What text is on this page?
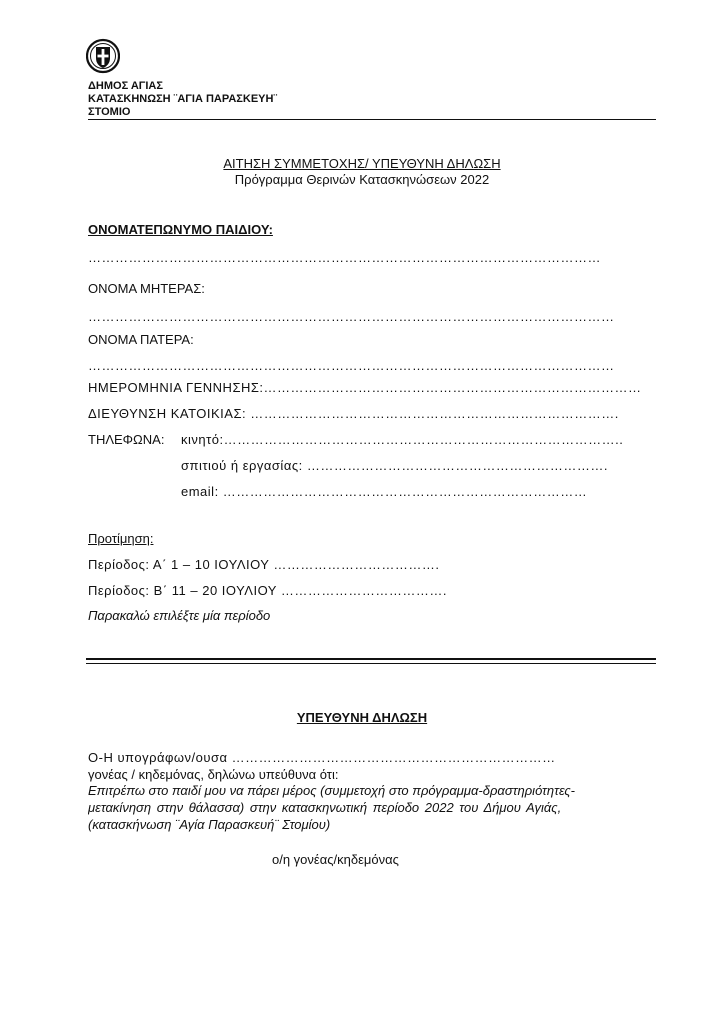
ΔΗΜΟΣ ΑΓΙΑΣ
ΚΑΤΑΣΚΗΝΩΣΗ ¨ΑΓΙΑ ΠΑΡΑΣΚΕΥΗ¨
ΣΤΟΜΙΟ
ΑΙΤΗΣΗ ΣΥΜΜΕΤΟΧΗΣ/ ΥΠΕΥΘΥΝΗ ΔΗΛΩΣΗ
Πρόγραμμα Θερινών Κατασκηνώσεων 2022
ΟΝΟΜΑΤΕΠΩΝΥΜΟ ΠΑΙΔΙΟΥ:
……………………………………………………………………………………………………
ΟΝΟΜΑ ΜΗΤΕΡΑΣ:
………………………………………………………………………………………………………
ΟΝΟΜΑ ΠΑΤΕΡΑ:
………………………………………………………………………………………………………
ΗΜΕΡΟΜΗΝΙΑ ΓΕΝΝΗΣΗΣ:…………………………………………………………………………
ΔΙΕΥΘΥΝΣΗ ΚΑΤΟΙΚΙΑΣ: ……………………………………………………………………….
ΤΗΛΕΦΩΝΑ: κινητό:……………………………………………………………………………..
σπιτιού ή εργασίας: ………………………………………………………….
email: ………………………………………………………………………
Προτίμηση:
Περίοδος: Α΄ 1 – 10 ΙΟΥΛΙΟΥ ……………………………….
Περίοδος: Β΄ 11 – 20 ΙΟΥΛΙΟΥ ……………………………….
Παρακαλώ επιλέξτε μία περίοδο
ΥΠΕΥΘΥΝΗ ΔΗΛΩΣΗ
Ο-Η υπογράφων/ουσα ………………………………………………………………
γονέας / κηδεμόνας, δηλώνω υπεύθυνα ότι:
Επιτρέπω στο παιδί μου να πάρει μέρος (συμμετοχή στο πρόγραμμα-δραστηριότητες-
μετακίνηση στην θάλασσα) στην κατασκηνωτική περίοδο 2022 του Δήμου Αγιάς,
(κατασκήνωση ¨Αγία Παρασκευή¨ Στομίου)
ο/η γονέας/κηδεμόνας
